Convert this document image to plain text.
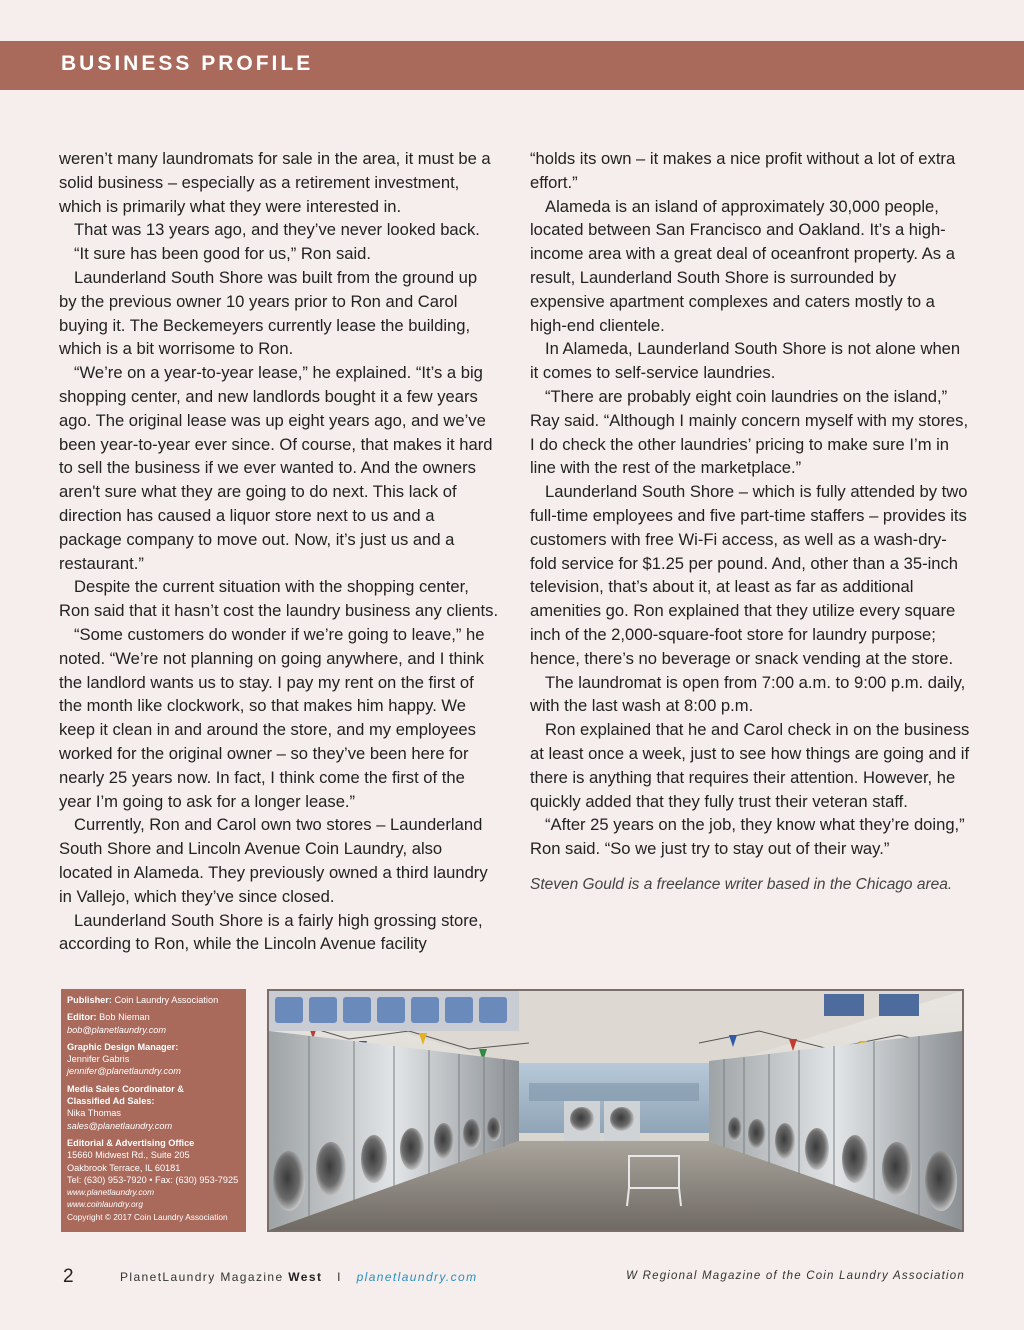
BUSINESS PROFILE

weren’t many laundromats for sale in the area, it must be a solid business – especially as a retirement investment, which is primarily what they were interested in.

That was 13 years ago, and they’ve never looked back.

“It sure has been good for us,” Ron said.

Launderland South Shore was built from the ground up by the previous owner 10 years prior to Ron and Carol buying it. The Beckemeyers currently lease the building, which is a bit worrisome to Ron.

“We’re on a year-to-year lease,” he explained. “It’s a big shopping center, and new landlords bought it a few years ago. The original lease was up eight years ago, and we’ve been year-to-year ever since. Of course, that makes it hard to sell the business if we ever wanted to. And the owners aren't sure what they are going to do next. This lack of direction has caused a liquor store next to us and a package company to move out. Now, it’s just us and a restaurant.”

Despite the current situation with the shopping center, Ron said that it hasn’t cost the laundry business any clients.

“Some customers do wonder if we’re going to leave,” he noted. “We’re not planning on going anywhere, and I think the landlord wants us to stay. I pay my rent on the first of the month like clockwork, so that makes him happy. We keep it clean in and around the store, and my employees worked for the original owner – so they’ve been here for nearly 25 years now. In fact, I think come the first of the year I’m going to ask for a longer lease.”

Currently, Ron and Carol own two stores – Launderland South Shore and Lincoln Avenue Coin Laundry, also located in Alameda. They previously owned a third laundry in Vallejo, which they’ve since closed.

Launderland South Shore is a fairly high grossing store, according to Ron, while the Lincoln Avenue facility

“holds its own – it makes a nice profit without a lot of extra effort.”

Alameda is an island of approximately 30,000 people, located between San Francisco and Oakland. It’s a high-income area with a great deal of oceanfront property. As a result, Launderland South Shore is surrounded by expensive apartment complexes and caters mostly to a high-end clientele.

In Alameda, Launderland South Shore is not alone when it comes to self-service laundries.

“There are probably eight coin laundries on the island,” Ray said. “Although I mainly concern myself with my stores, I do check the other laundries’ pricing to make sure I’m in line with the rest of the marketplace.”

Launderland South Shore – which is fully attended by two full-time employees and five part-time staffers – provides its customers with free Wi-Fi access, as well as a wash-dry-fold service for $1.25 per pound. And, other than a 35-inch television, that’s about it, at least as far as additional amenities go. Ron explained that they utilize every square inch of the 2,000-square-foot store for laundry purpose; hence, there’s no beverage or snack vending at the store.

The laundromat is open from 7:00 a.m. to 9:00 p.m. daily, with the last wash at 8:00 p.m.

Ron explained that he and Carol check in on the business at least once a week, just to see how things are going and if there is anything that requires their attention. However, he quickly added that they fully trust their veteran staff.

“After 25 years on the job, they know what they’re doing,” Ron said. “So we just try to stay out of their way.”

Steven Gould is a freelance writer based in the Chicago area.

Publisher: Coin Laundry Association
Editor: Bob Nieman
bob@planetlaundry.com
Graphic Design Manager:
Jennifer Gabris
jennifer@planetlaundry.com
Media Sales Coordinator &
Classified Ad Sales:
Nika Thomas
sales@planetlaundry.com
Editorial & Advertising Office
15660 Midwest Rd., Suite 205
Oakbrook Terrace, IL 60181
Tel: (630) 953-7920 • Fax: (630) 953-7925
www.planetlaundry.com
www.coinlaundry.org
Copyright © 2017 Coin Laundry Association
2	PlanetLaundry Magazine West I planetlaundry.com	W Regional Magazine of the Coin Laundry Association
